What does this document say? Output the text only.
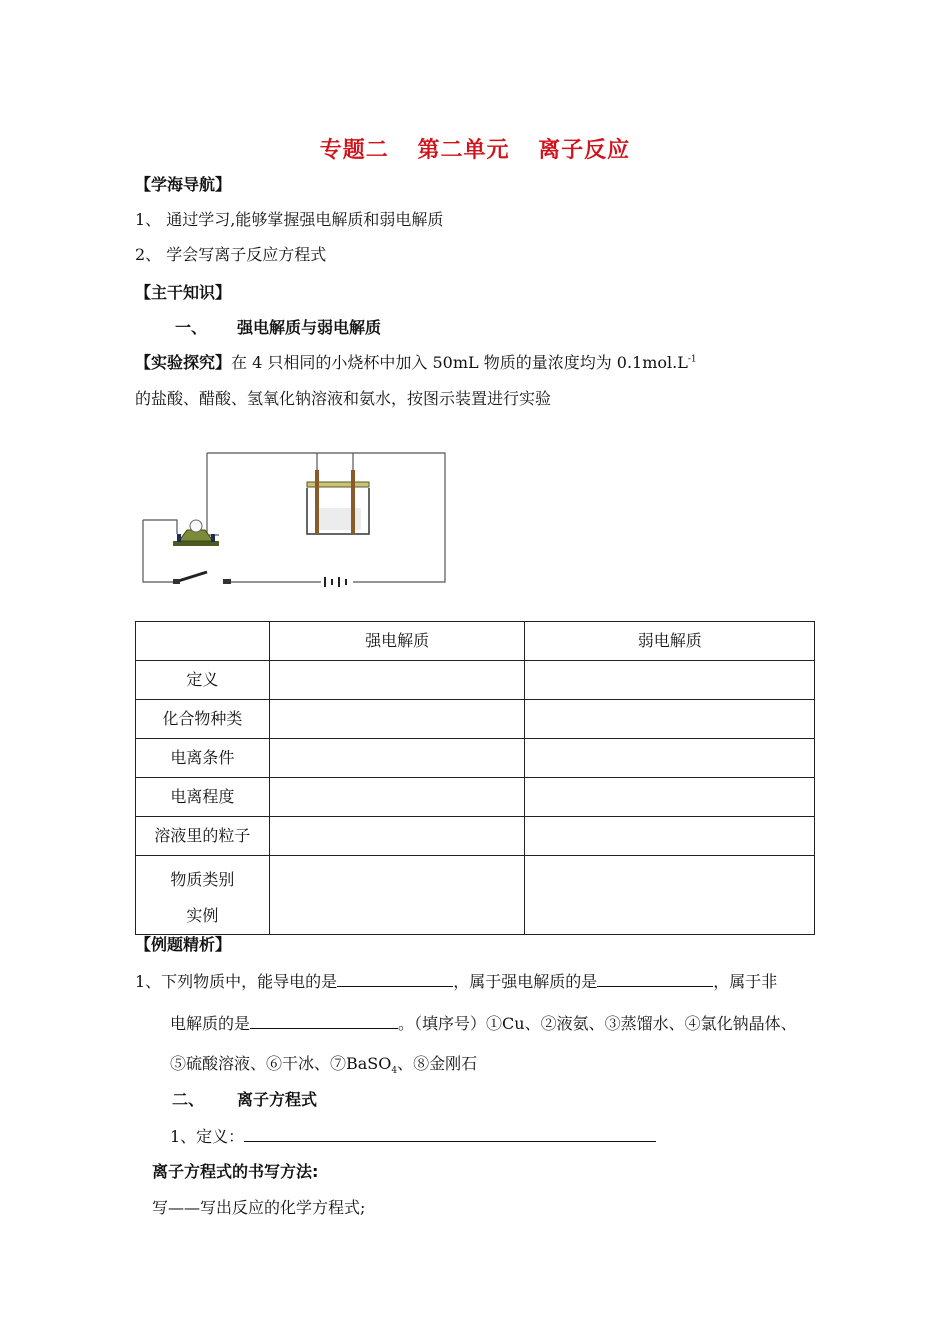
专题二 第二单元 离子反应
【学海导航】
1、 通过学习,能够掌握强电解质和弱电解质
2、 学会写离子反应方程式
【主干知识】
一、 强电解质与弱电解质
【实验探究】在 4 只相同的小烧杯中加入 50mL 物质的量浓度均为 $0.1mol.L^{-1}$
的盐酸、醋酸、氢氧化钠溶液和氨水，按图示装置进行实验
	强电解质	弱电解质
定义		
化合物种类		
电离条件		
电离程度		
溶液里的粒子		

物质类别
实例		

【例题精析】
1、下列物质中，能导电的是	，属于强电解质的是	，属于非
电解质的是	。（填序号）①Cu、②液氨、③蒸馏水、④氯化钠晶体、
⑤硫酸溶液、⑥干冰、⑦BaSO$_4$、⑧金刚石
二、 离子方程式
1、定义：
离子方程式的书写方法:
写——写出反应的化学方程式;
